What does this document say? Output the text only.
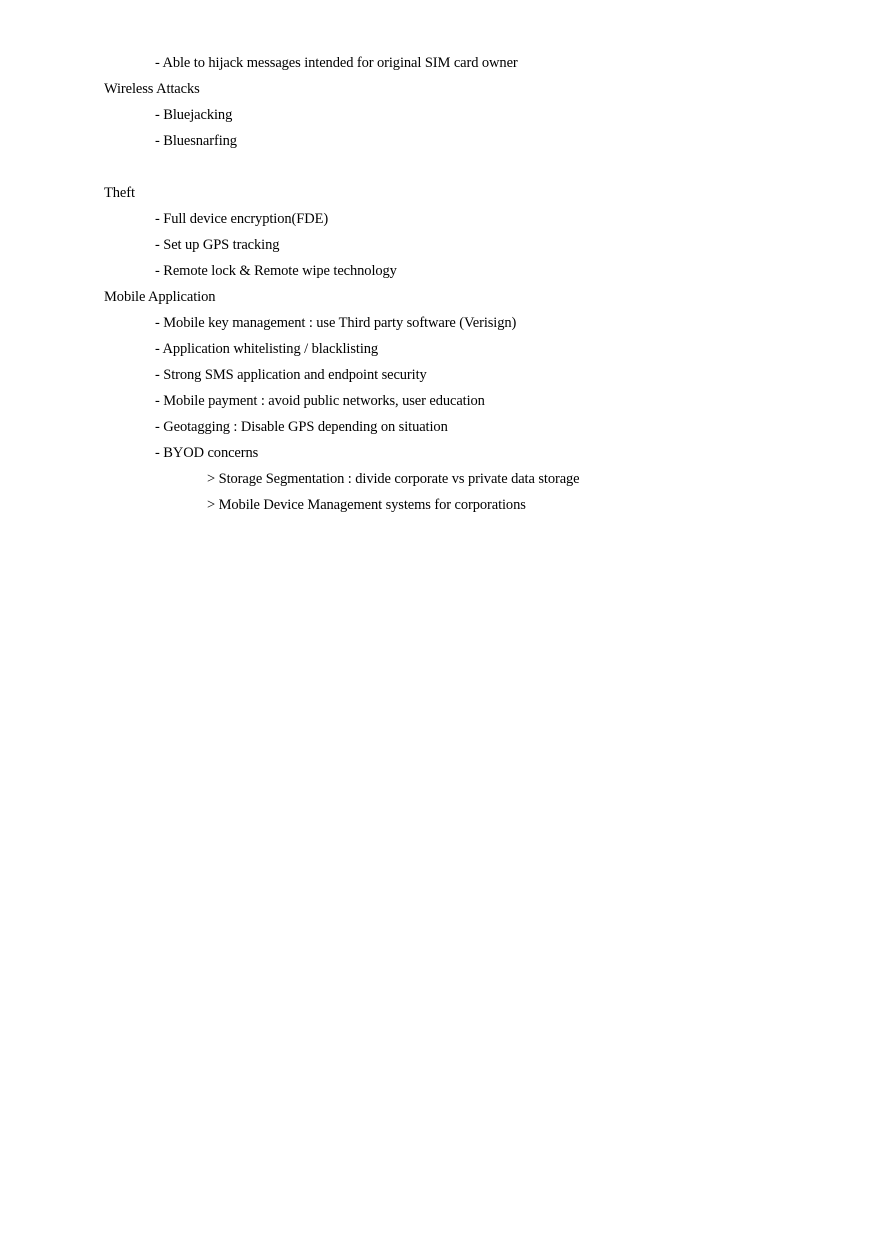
- Able to hijack messages intended for original SIM card owner
Wireless Attacks
- Bluejacking
- Bluesnarfing
Theft
- Full device encryption(FDE)
- Set up GPS tracking
- Remote lock & Remote wipe technology
Mobile Application
- Mobile key management : use Third party software (Verisign)
- Application whitelisting / blacklisting
- Strong SMS application and endpoint security
- Mobile payment : avoid public networks, user education
- Geotagging : Disable GPS depending on situation
- BYOD concerns
> Storage Segmentation : divide corporate vs private data storage
> Mobile Device Management systems for corporations
